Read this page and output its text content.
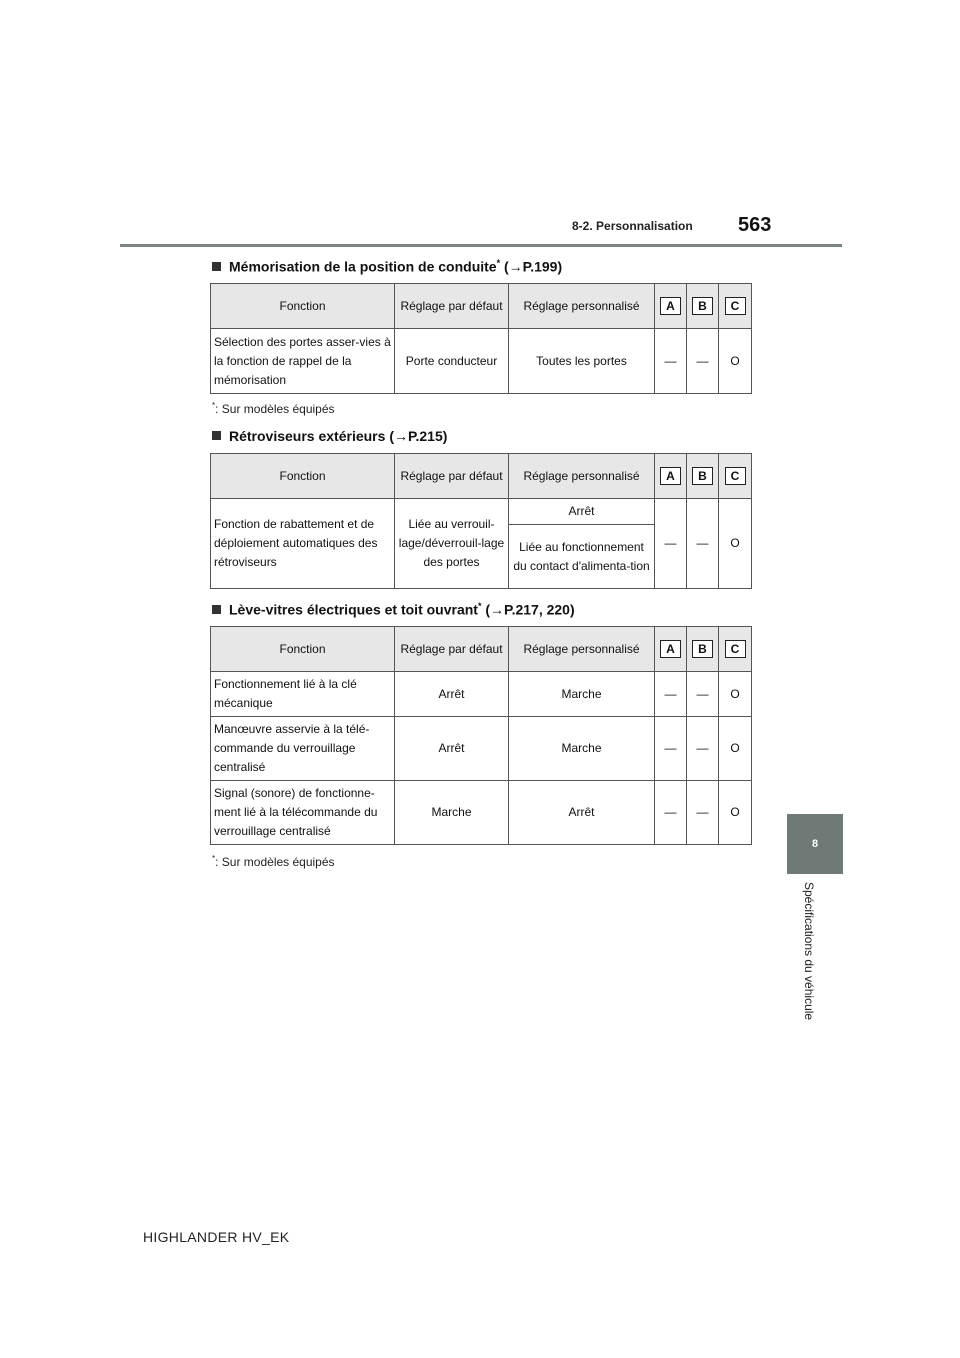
8-2. Personnalisation 563
8
Spécifications du véhicule
Mémorisation de la position de conduite* (→P.199)
Fonction	Réglage par défaut	Réglage personnalisé	A	B	C
Sélection des portes asser-vies à la fonction de rappel de la mémorisation	Porte conducteur	Toutes les portes	—	—	O
*: Sur modèles équipés
Rétroviseurs extérieurs (→P.215)
Fonction	Réglage par défaut	Réglage personnalisé	A	B	C
Fonction de rabattement et de déploiement automatiques des rétroviseurs	Liée au verrouil-lage/déverrouil-lage des portes	Arrêt	—	—	O
		Liée au fonctionnement du contact d'alimenta-tion			
Lève-vitres électriques et toit ouvrant* (→P.217, 220)
Fonction	Réglage par défaut	Réglage personnalisé	A	B	C
Fonctionnement lié à la clé mécanique	Arrêt	Marche	—	—	O
Manœuvre asservie à la télé-commande du verrouillage centralisé	Arrêt	Marche	—	—	O
Signal (sonore) de fonctionne-ment lié à la télécommande du verrouillage centralisé	Marche	Arrêt	—	—	O
*: Sur modèles équipés
HIGHLANDER HV_EK
